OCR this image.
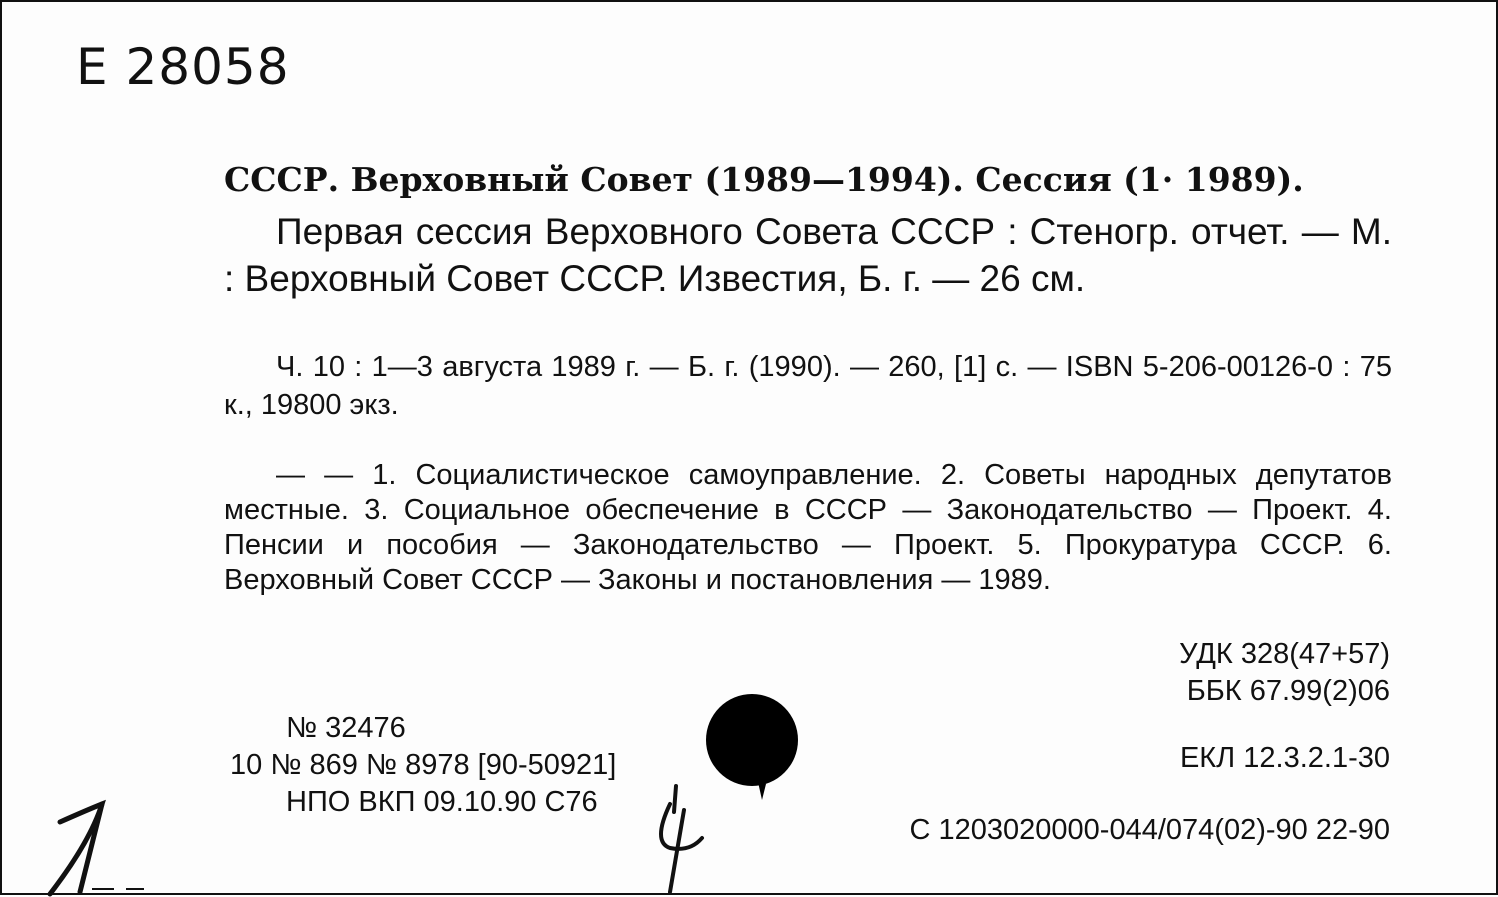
Е 28058
СССР. Верховный Совет (1989—1994). Сессия (1· 1989).
Первая сессия Верховного Совета СССР : Стеногр. отчет. — М. : Верховный Совет СССР. Известия, Б. г. — 26 см.
Ч. 10 : 1—3 августа 1989 г. — Б. г. (1990). — 260, [1] с. — ISBN 5-206-00126-0 : 75 к., 19800 экз.
— — 1. Социалистическое самоуправление. 2. Советы народных депутатов местные. 3. Социальное обеспечение в СССР — Законодательство — Проект. 4. Пенсии и пособия — Законодательство — Проект. 5. Прокуратура СССР. 6. Верховный Совет СССР — Законы и постановления — 1989.
УДК 328(47+57)
ББК 67.99(2)06
ЕКЛ 12.3.2.1-30
С 1203020000-044/074(02)-90 22-90
№ 32476
10 № 869 № 8978 [90-50921]
НПО ВКП 09.10.90 С76
